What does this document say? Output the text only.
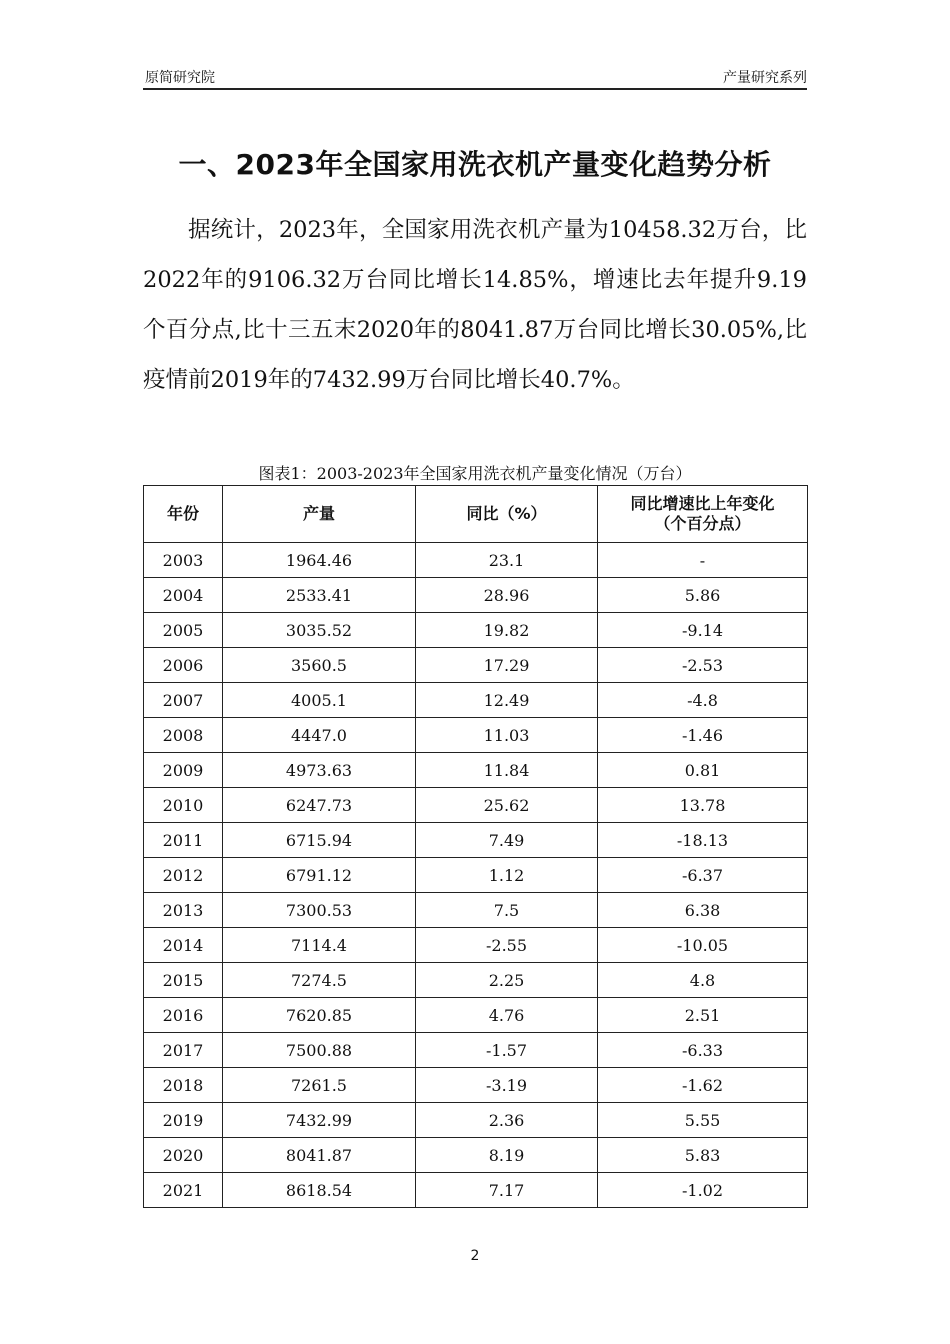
原简研究院	产量研究系列
一、2023年全国家用洗衣机产量变化趋势分析

据统计，2023年，全国家用洗衣机产量为10458.32万台，比2022年的9106.32万台同比增长14.85%，增速比去年提升9.19个百分点,比十三五末2020年的8041.87万台同比增长30.05%,比疫情前2019年的7432.99万台同比增长40.7%。

图表1：2003-2023年全国家用洗衣机产量变化情况（万台）
年份	产量	同比（%）	同比增速比上年变化
（个百分点）

2003	1964.46	23.1	-
2004	2533.41	28.96	5.86
2005	3035.52	19.82	-9.14
2006	3560.5	17.29	-2.53
2007	4005.1	12.49	-4.8
2008	4447.0	11.03	-1.46
2009	4973.63	11.84	0.81
2010	6247.73	25.62	13.78
2011	6715.94	7.49	-18.13
2012	6791.12	1.12	-6.37
2013	7300.53	7.5	6.38
2014	7114.4	-2.55	-10.05
2015	7274.5	2.25	4.8
2016	7620.85	4.76	2.51
2017	7500.88	-1.57	-6.33
2018	7261.5	-3.19	-1.62
2019	7432.99	2.36	5.55
2020	8041.87	8.19	5.83
2021	8618.54	7.17	-1.02
2
